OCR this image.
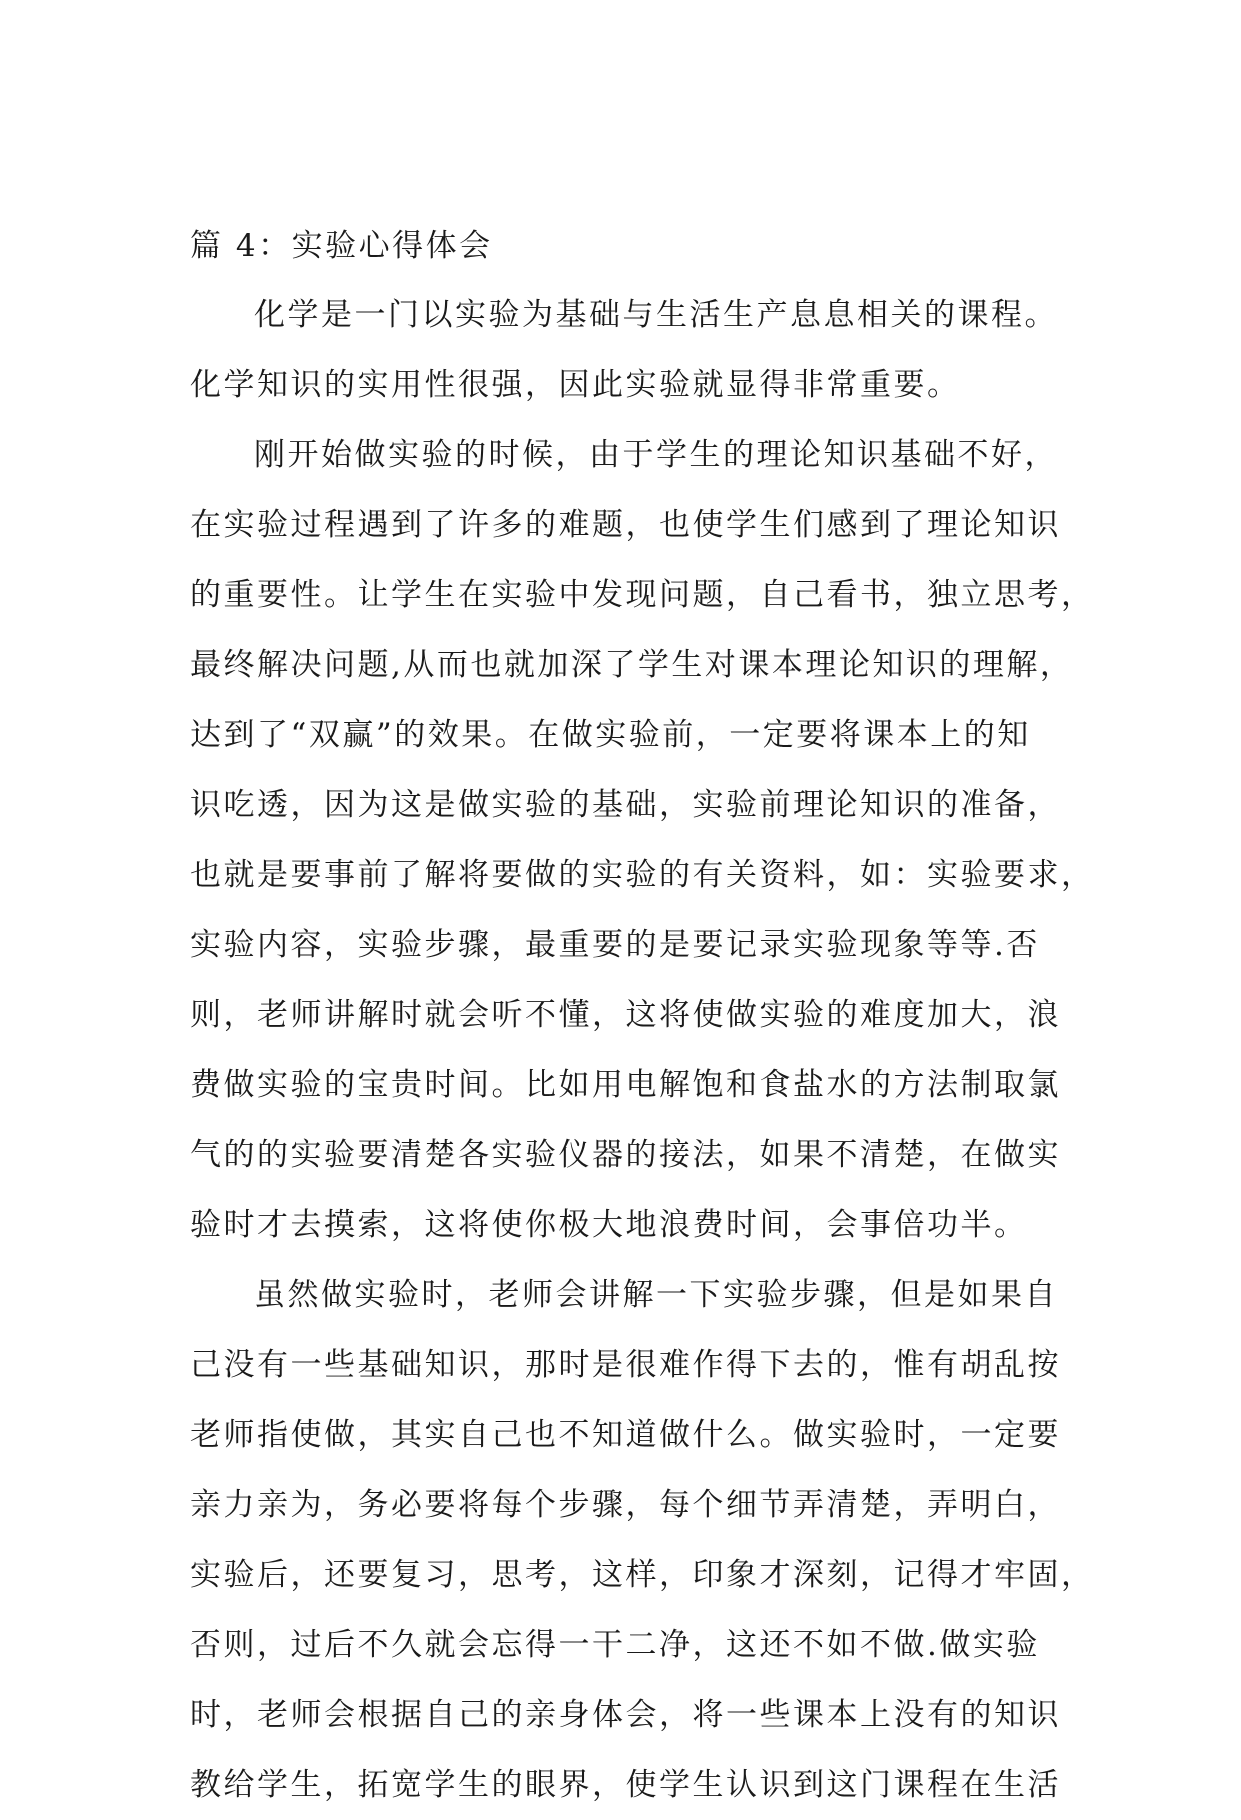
篇 4：实验心得体会
化学是一门以实验为基础与生活生产息息相关的课程。
化学知识的实用性很强，因此实验就显得非常重要。
刚开始做实验的时候，由于学生的理论知识基础不好，
在实验过程遇到了许多的难题，也使学生们感到了理论知识
的重要性。让学生在实验中发现问题，自己看书，独立思考，
最终解决问题,从而也就加深了学生对课本理论知识的理解，
达到了“双赢”的效果。在做实验前，一定要将课本上的知
识吃透，因为这是做实验的基础，实验前理论知识的准备，
也就是要事前了解将要做的实验的有关资料，如：实验要求，
实验内容，实验步骤，最重要的是要记录实验现象等等.否
则，老师讲解时就会听不懂，这将使做实验的难度加大，浪
费做实验的宝贵时间。比如用电解饱和食盐水的方法制取氯
气的的实验要清楚各实验仪器的接法，如果不清楚，在做实
验时才去摸索，这将使你极大地浪费时间，会事倍功半。
虽然做实验时，老师会讲解一下实验步骤，但是如果自
己没有一些基础知识，那时是很难作得下去的，惟有胡乱按
老师指使做，其实自己也不知道做什么。做实验时，一定要
亲力亲为，务必要将每个步骤，每个细节弄清楚，弄明白，
实验后，还要复习，思考，这样，印象才深刻，记得才牢固，
否则，过后不久就会忘得一干二净，这还不如不做.做实验
时，老师会根据自己的亲身体会，将一些课本上没有的知识
教给学生，拓宽学生的眼界，使学生认识到这门课程在生活
